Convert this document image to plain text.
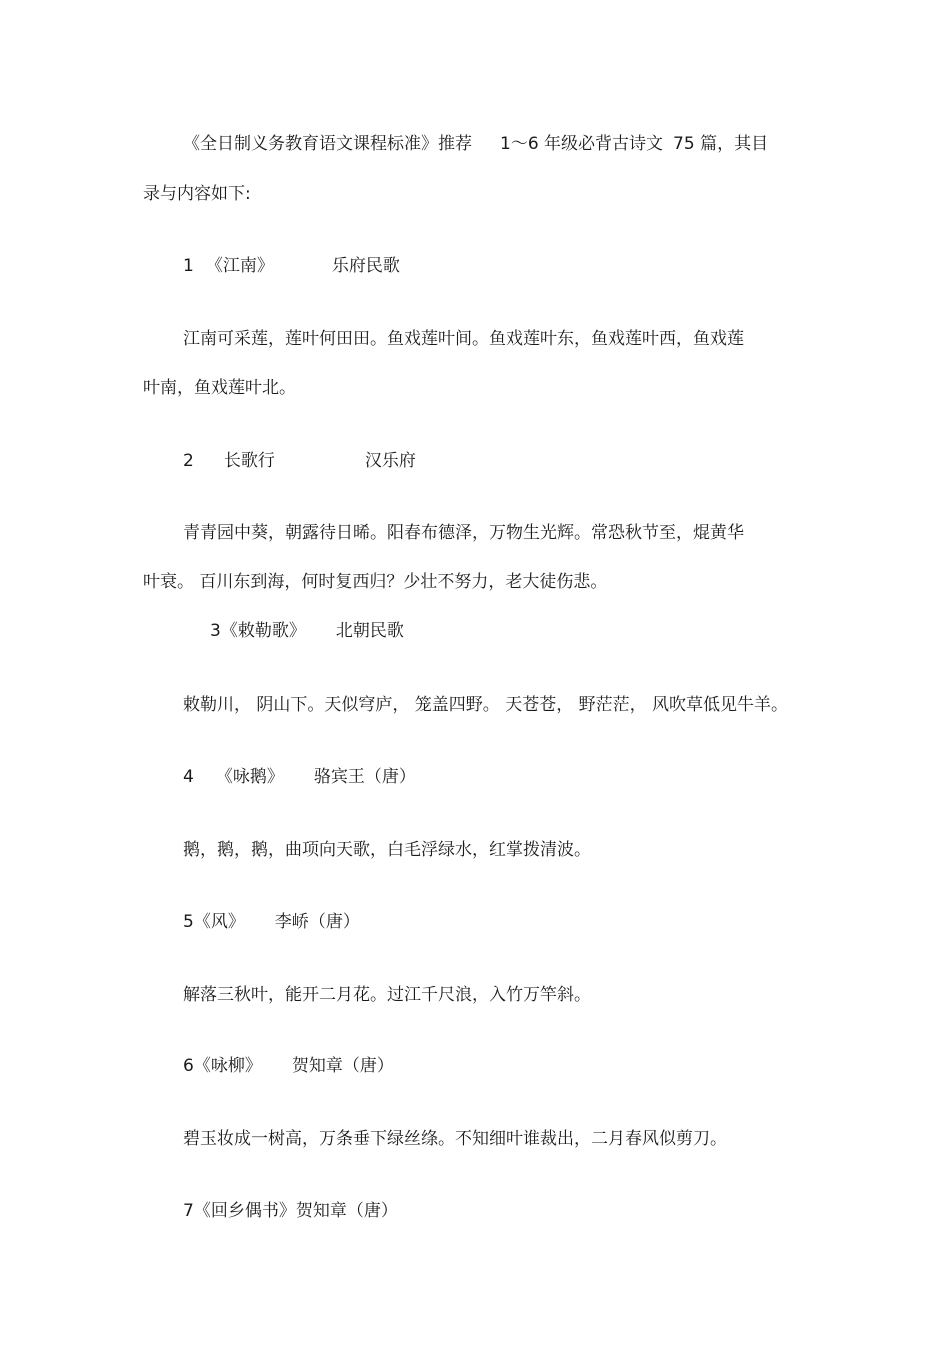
《全日制义务教育语文课程标准》推荐 1～6 年级必背古诗文 75 篇，其目
录与内容如下:
1 《江南》	乐府民歌
江南可采莲，莲叶何田田。鱼戏莲叶间。鱼戏莲叶东，鱼戏莲叶西，鱼戏莲
叶南，鱼戏莲叶北。
2 长歌行	汉乐府
青青园中葵，朝露待日晞。阳春布德泽，万物生光辉。常恐秋节至，焜黄华
叶衰。 百川东到海，何时复西归？少壮不努力，老大徒伤悲。
3《敕勒歌》 北朝民歌
敕勒川， 阴山下。天似穹庐， 笼盖四野。 天苍苍， 野茫茫， 风吹草低见牛羊。
4 《咏鹅》 骆宾王（唐）
鹅，鹅，鹅，曲项向天歌，白毛浮绿水，红掌拨清波。
5《风》 李峤（唐）
解落三秋叶，能开二月花。过江千尺浪，入竹万竿斜。
6《咏柳》 贺知章（唐）
碧玉妆成一树高，万条垂下绿丝绦。不知细叶谁裁出，二月春风似剪刀。
7《回乡偶书》贺知章（唐）
